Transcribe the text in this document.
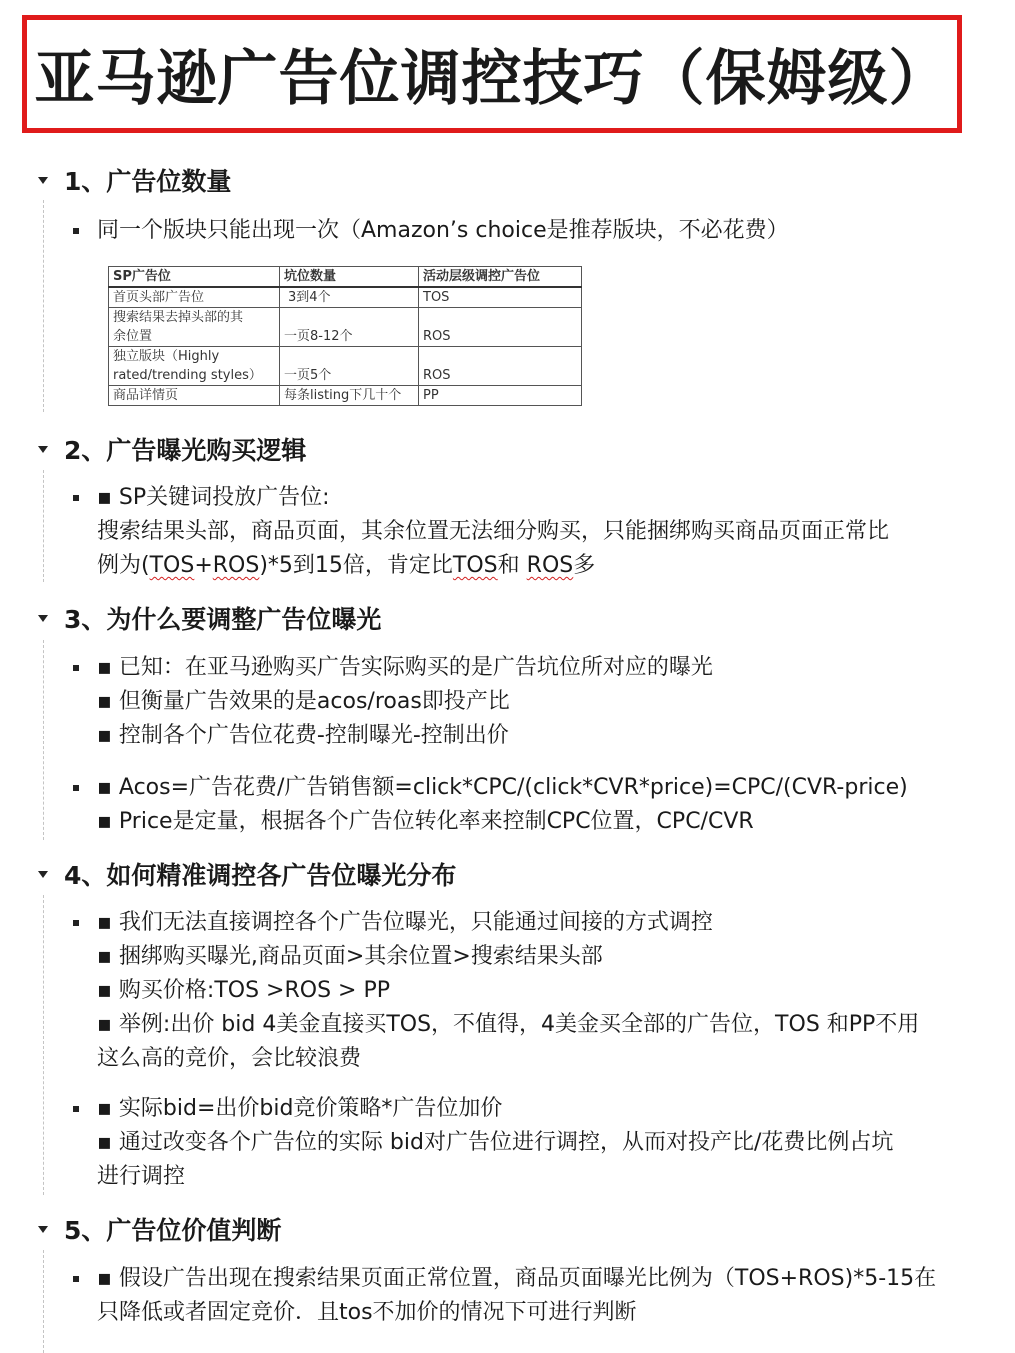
亚马逊广告位调控技巧（保姆级）
1、广告位数量
同一个版块只能出现一次（Amazon’s choice是推荐版块，不必花费）
SP广告位	坑位数量	活动层级调控广告位
首页头部广告位	3到4个	TOS

搜索结果去掉头部的其
余位置	一页8-12个	ROS

独立版块（Highly
rated/trending styles）	一页5个	ROS
商品详情页	每条listing下几十个	PP
2、广告曝光购买逻辑
▪ SP关键词投放广告位:
搜索结果头部，商品页面，其余位置无法细分购买，只能捆绑购买商品页面正常比
例为(TOS+ROS)*5到15倍，肯定比TOS和 ROS多
3、为什么要调整广告位曝光
▪ 已知：在亚马逊购买广告实际购买的是广告坑位所对应的曝光
▪ 但衡量广告效果的是acos/roas即投产比
▪ 控制各个广告位花费-控制曝光-控制出价
▪ Acos=广告花费/广告销售额=click*CPC/(click*CVR*price)=CPC/(CVR-price)
▪ Price是定量，根据各个广告位转化率来控制CPC位置，CPC/CVR
4、如何精准调控各广告位曝光分布
▪ 我们无法直接调控各个广告位曝光，只能通过间接的方式调控
▪ 捆绑购买曝光,商品页面>其余位置>搜索结果头部
▪ 购买价格:TOS >ROS > PP
▪ 举例:出价 bid 4美金直接买TOS，不值得，4美金买全部的广告位，TOS 和PP不用
这么高的竞价，会比较浪费
▪ 实际bid=出价bid竞价策略*广告位加价
▪ 通过改变各个广告位的实际 bid对广告位进行调控，从而对投产比/花费比例占坑
进行调控
5、广告位价值判断
▪ 假设广告出现在搜索结果页面正常位置，商品页面曝光比例为（TOS+ROS)*5-15在
只降低或者固定竞价．且tos不加价的情况下可进行判断
